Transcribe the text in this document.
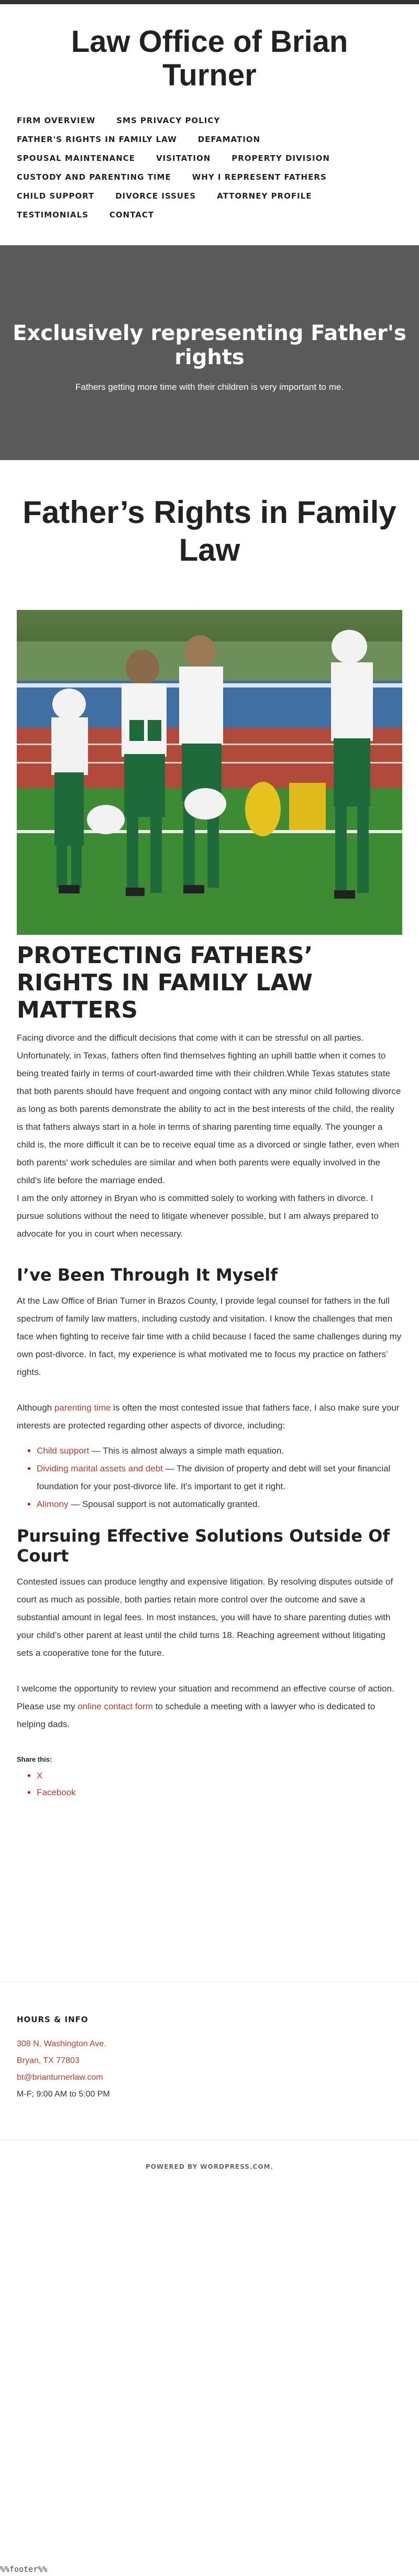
Law Office of Brian Turner
FIRM OVERVIEW	SMS PRIVACY POLICY
FATHER'S RIGHTS IN FAMILY LAW	DEFAMATION
SPOUSAL MAINTENANCE	VISITATION	PROPERTY DIVISION
CUSTODY AND PARENTING TIME	WHY I REPRESENT FATHERS
CHILD SUPPORT	DIVORCE ISSUES	ATTORNEY PROFILE
TESTIMONIALS	CONTACT
Exclusively representing Father's rights

Fathers getting more time with their children is very important to me.

Father’s Rights in Family Law
PROTECTING FATHERS’ RIGHTS IN FAMILY LAW MATTERS

Facing divorce and the difficult decisions that come with it can be stressful on all parties. Unfortunately, in Texas, fathers often find themselves fighting an uphill battle when it comes to being treated fairly in terms of court-awarded time with their children.While Texas statutes state that both parents should have frequent and ongoing contact with any minor child following divorce as long as both parents demonstrate the ability to act in the best interests of the child, the reality is that fathers always start in a hole in terms of sharing parenting time equally. The younger a child is, the more difficult it can be to receive equal time as a divorced or single father, even when both parents' work schedules are similar and when both parents were equally involved in the child's life before the marriage ended.

I am the only attorney in Bryan who is committed solely to working with fathers in divorce. I pursue solutions without the need to litigate whenever possible, but I am always prepared to advocate for you in court when necessary.

I’ve Been Through It Myself

At the Law Office of Brian Turner in Brazos County, I provide legal counsel for fathers in the full spectrum of family law matters, including custody and visitation. I know the challenges that men face when fighting to receive fair time with a child because I faced the same challenges during my own post-divorce. In fact, my experience is what motivated me to focus my practice on fathers’ rights.

Although parenting time is often the most contested issue that fathers face, I also make sure your interests are protected regarding other aspects of divorce, including:

• Child support — This is almost always a simple math equation.
• Dividing marital assets and debt — The division of property and debt will set your financial foundation for your post-divorce life. It’s important to get it right.
• Alimony — Spousal support is not automatically granted.
Pursuing Effective Solutions Outside Of Court

Contested issues can produce lengthy and expensive litigation. By resolving disputes outside of court as much as possible, both parties retain more control over the outcome and save a substantial amount in legal fees. In most instances, you will have to share parenting duties with your child’s other parent at least until the child turns 18. Reaching agreement without litigating sets a cooperative tone for the future.

I welcome the opportunity to review your situation and recommend an effective course of action. Please use my online contact form to schedule a meeting with a lawyer who is dedicated to helping dads.

Share this:
• X
• Facebook
HOURS & INFO
308 N. Washington Ave.
Bryan, TX 77803
bt@brianturnerlaw.com
M-F; 9:00 AM to 5:00 PM
POWERED BY WORDPRESS.COM.
%%footer%%
